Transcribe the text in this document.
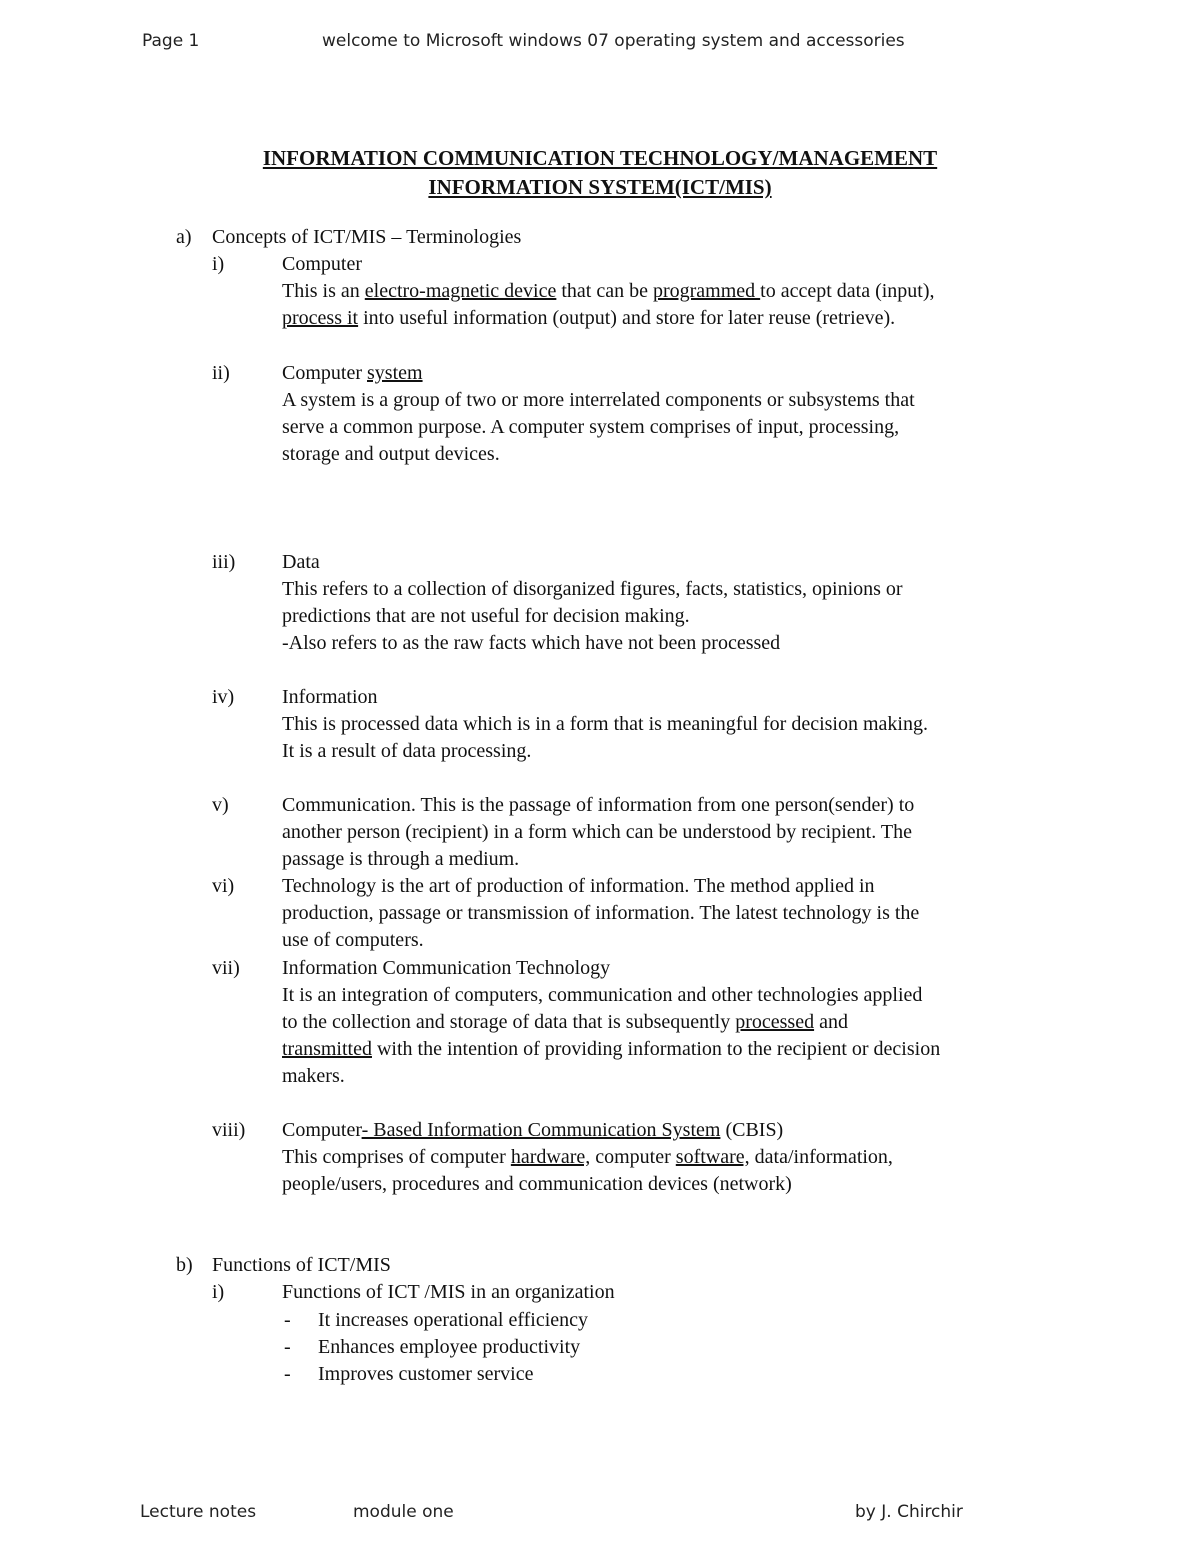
Page 1	welcome to Microsoft windows 07 operating system and accessories
INFORMATION COMMUNICATION TECHNOLOGY/MANAGEMENT
INFORMATION SYSTEM(ICT/MIS)
a) Concepts of ICT/MIS – Terminologies
i)	Computer
This is an electro-magnetic device that can be programmed to accept data (input),
process it into useful information (output) and store for later reuse (retrieve).
ii)	Computer system
A system is a group of two or more interrelated components or subsystems that
serve a common purpose. A computer system comprises of input, processing,
storage and output devices.
iii) Data
This refers to a collection of disorganized figures, facts, statistics, opinions or
predictions that are not useful for decision making.
-Also refers to as the raw facts which have not been processed
iv) Information
This is processed data which is in a form that is meaningful for decision making.
It is a result of data processing.
v)	Communication. This is the passage of information from one person(sender) to
another person (recipient) in a form which can be understood by recipient. The
passage is through a medium.
vi) Technology is the art of production of information. The method applied in
production, passage or transmission of information. The latest technology is the
use of computers.
vii) Information Communication Technology
It is an integration of computers, communication and other technologies applied
to the collection and storage of data that is subsequently processed and
transmitted with the intention of providing information to the recipient or decision
makers.
viii) Computer- Based Information Communication System (CBIS)
This comprises of computer hardware, computer software, data/information,
people/users, procedures and communication devices (network)
b) Functions of ICT/MIS
i)	Functions of ICT /MIS in an organization
- It increases operational efficiency
- Enhances employee productivity
- Improves customer service
Lecture notes	module one	by J. Chirchir
